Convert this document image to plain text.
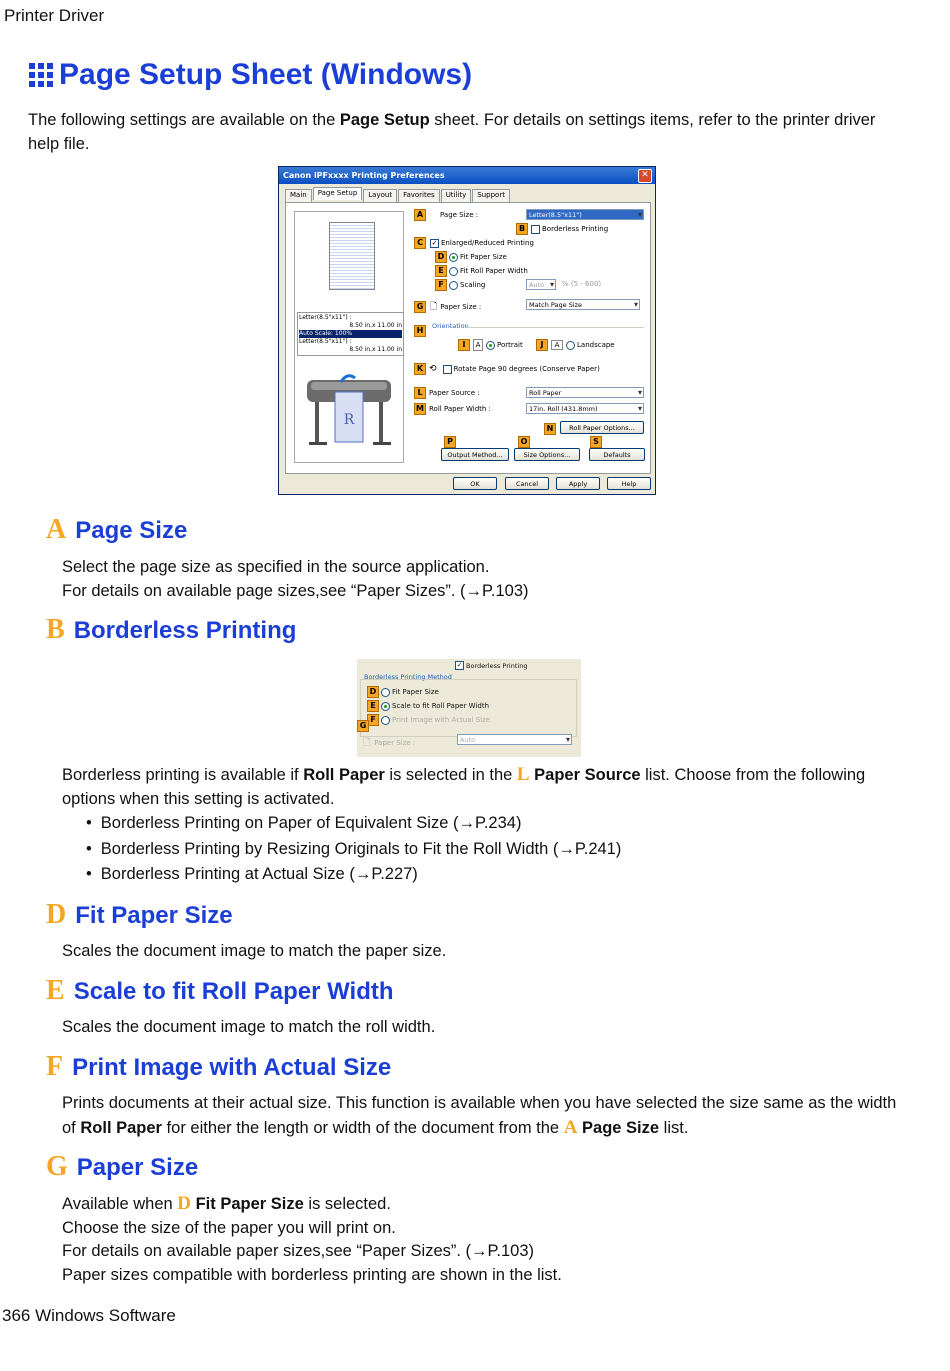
Printer Driver
Page Setup Sheet (Windows)
The following settings are available on the Page Setup sheet. For details on settings items, refer to the printer driver help file.
Canon iPFxxxx Printing Preferences	✕
Main	Page Setup	Layout	Favorites	Utility	Support
Letter(8.5"x11") :
8.50 in.x 11.00 in
Auto Scale: 100%
Letter(8.5"x11") :
8.50 in.x 11.00 in
R
A	Page Size :	Letter(8.5"x11") ▾
B	Borderless Printing
C	✓ Enlarged/Reduced Printing
D	Fit Paper Size
E	Fit Roll Paper Width
F	Scaling	Auto ▾	% (5 - 600)
G 🗋 Paper Size :	Match Page Size ▾
H	Orientation
I	A	Portrait	J	A	Landscape
K ⟲ Rotate Page 90 degrees (Conserve Paper)
L Paper Source :	Roll Paper ▾
M Roll Paper Width :	17in. Roll (431.8mm) ▾
N	Roll Paper Options...
P	O	S
Output Method...	Size Options...	Defaults
OK	Cancel	Apply	Help
A Page Size
Select the page size as specified in the source application.
For details on available page sizes,see “Paper Sizes”. (→P.103)
B Borderless Printing
✓ Borderless Printing
Borderless Printing Method
D	Fit Paper Size
E	Scale to fit Roll Paper Width
F	Print Image with Actual Size
G
🗋 Paper Size :	Auto ▾
Borderless printing is available if Roll Paper is selected in the L Paper Source list. Choose from the following options when this setting is activated.
• Borderless Printing on Paper of Equivalent Size (→P.234)
• Borderless Printing by Resizing Originals to Fit the Roll Width (→P.241)
• Borderless Printing at Actual Size (→P.227)
D Fit Paper Size
Scales the document image to match the paper size.
E Scale to fit Roll Paper Width
Scales the document image to match the roll width.
F Print Image with Actual Size
Prints documents at their actual size. This function is available when you have selected the size same as the width of Roll Paper for either the length or width of the document from the A Page Size list.
G Paper Size
Available when D Fit Paper Size is selected.
Choose the size of the paper you will print on.
For details on available paper sizes,see “Paper Sizes”. (→P.103)
Paper sizes compatible with borderless printing are shown in the list.
366 Windows Software
